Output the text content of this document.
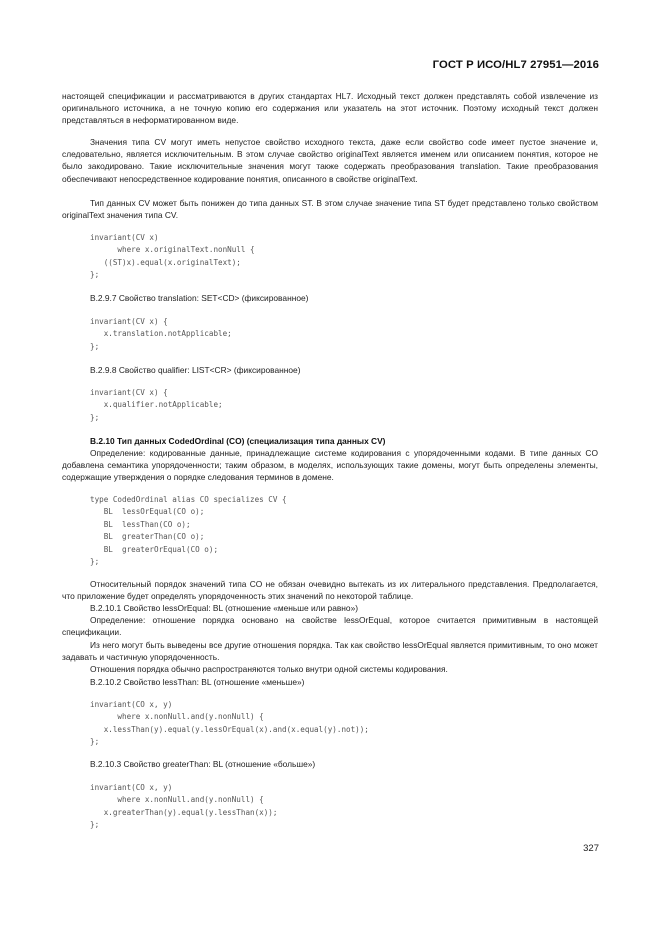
ГОСТ Р ИСО/HL7 27951—2016

настоящей спецификации и рассматриваются в других стандартах HL7. Исходный текст должен представлять собой извлечение из оригинального источника, а не точную копию его содержания или указатель на этот источник. Поэтому исходный текст должен представляться в неформатированном виде.

Значения типа CV могут иметь непустое свойство исходного текста, даже если свойство code имеет пустое значение и, следовательно, является исключительным. В этом случае свойство originalText является именем или описанием понятия, которое не было закодировано. Такие исключительные значения могут также содержать преобразования translation. Такие преобразования обеспечивают непосредственное кодирование понятия, описанного в свойстве originalText.

Тип данных CV может быть понижен до типа данных ST. В этом случае значение типа ST будет представлено только свойством originalText значения типа CV.

invariant(CV x)
where x.originalText.nonNull {
((ST)x).equal(x.originalText);
};

B.2.9.7 Свойство translation: SET<CD> (фиксированное)

invariant(CV x) {
x.translation.notApplicable;
};

B.2.9.8 Свойство qualifier: LIST<CR> (фиксированное)

invariant(CV x) {
x.qualifier.notApplicable;
};

B.2.10 Тип данных CodedOrdinal (CO) (специализация типа данных CV)

Определение: кодированные данные, принадлежащие системе кодирования с упорядоченными кодами. В типе данных CO добавлена семантика упорядоченности; таким образом, в моделях, использующих такие домены, могут быть определены элементы, содержащие утверждения о порядке следования терминов в домене.

type CodedOrdinal alias CO specializes CV {
BL  lessOrEqual(CO o);
BL  lessThan(CO o);
BL  greaterThan(CO o);
BL  greaterOrEqual(CO o);
};

Относительный порядок значений типа CO не обязан очевидно вытекать из их литерального представления. Предполагается, что приложение будет определять упорядоченность этих значений по некоторой таблице.

B.2.10.1 Свойство lessOrEqual: BL (отношение «меньше или равно»)

Определение: отношение порядка основано на свойстве lessOrEqual, которое считается примитивным в настоящей спецификации.

Из него могут быть выведены все другие отношения порядка. Так как свойство lessOrEqual является примитивным, то оно может задавать и частичную упорядоченность.

Отношения порядка обычно распространяются только внутри одной системы кодирования.

B.2.10.2 Свойство lessThan: BL (отношение «меньше»)

invariant(CO x, y)
where x.nonNull.and(y.nonNull) {
x.lessThan(y).equal(y.lessOrEqual(x).and(x.equal(y).not));
};

B.2.10.3 Свойство greaterThan: BL (отношение «больше»)

invariant(CO x, y)
where x.nonNull.and(y.nonNull) {
x.greaterThan(y).equal(y.lessThan(x));
};
327
